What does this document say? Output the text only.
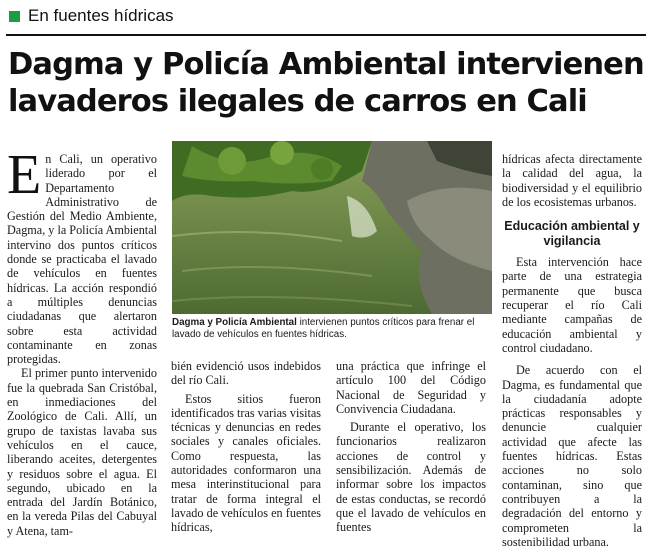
En fuentes hídricas
Dagma y Policía Ambiental intervienen lavaderos ilegales de carros en Cali

En Cali, un operativo liderado por el Departamento Administrativo de Gestión del Medio Ambiente, Dagma, y la Policía Ambiental intervino dos puntos críticos donde se practicaba el lavado de vehículos en fuentes hídricas. La acción respondió a múltiples denuncias ciudadanas que alertaron sobre esta actividad contaminante en zonas protegidas.

El primer punto intervenido fue la quebrada San Cristóbal, en inmediaciones del Zoológico de Cali. Allí, un grupo de taxistas lavaba sus vehículos en el cauce, liberando aceites, detergentes y residuos sobre el agua. El segundo, ubicado en la entrada del Jardín Botánico, en la vereda Pilas del Cabuyal y Atena, tam-

Dagma y Policía Ambiental intervienen puntos críticos para frenar el lavado de vehículos en fuentes hídricas.

bién evidenció usos indebidos del río Cali.

Estos sitios fueron identificados tras varias visitas técnicas y denuncias en redes sociales y canales oficiales. Como respuesta, las autoridades conformaron una mesa interinstitucional para tratar de forma integral el lavado de vehículos en fuentes hídricas,

una práctica que infringe el artículo 100 del Código Nacional de Seguridad y Convivencia Ciudadana.

Durante el operativo, los funcionarios realizaron acciones de control y sensibilización. Además de informar sobre los impactos de estas conductas, se recordó que el lavado de vehículos en fuentes

hídricas afecta directamente la calidad del agua, la biodiversidad y el equilibrio de los ecosistemas urbanos.

Educación ambiental y vigilancia

Esta intervención hace parte de una estrategia permanente que busca recuperar el río Cali mediante campañas de educación ambiental y control ciudadano.

De acuerdo con el Dagma, es fundamental que la ciudadanía adopte prácticas responsables y denuncie cualquier actividad que afecte las fuentes hídricas. Estas acciones no solo contaminan, sino que contribuyen a la degradación del entorno y comprometen la sostenibilidad urbana.
